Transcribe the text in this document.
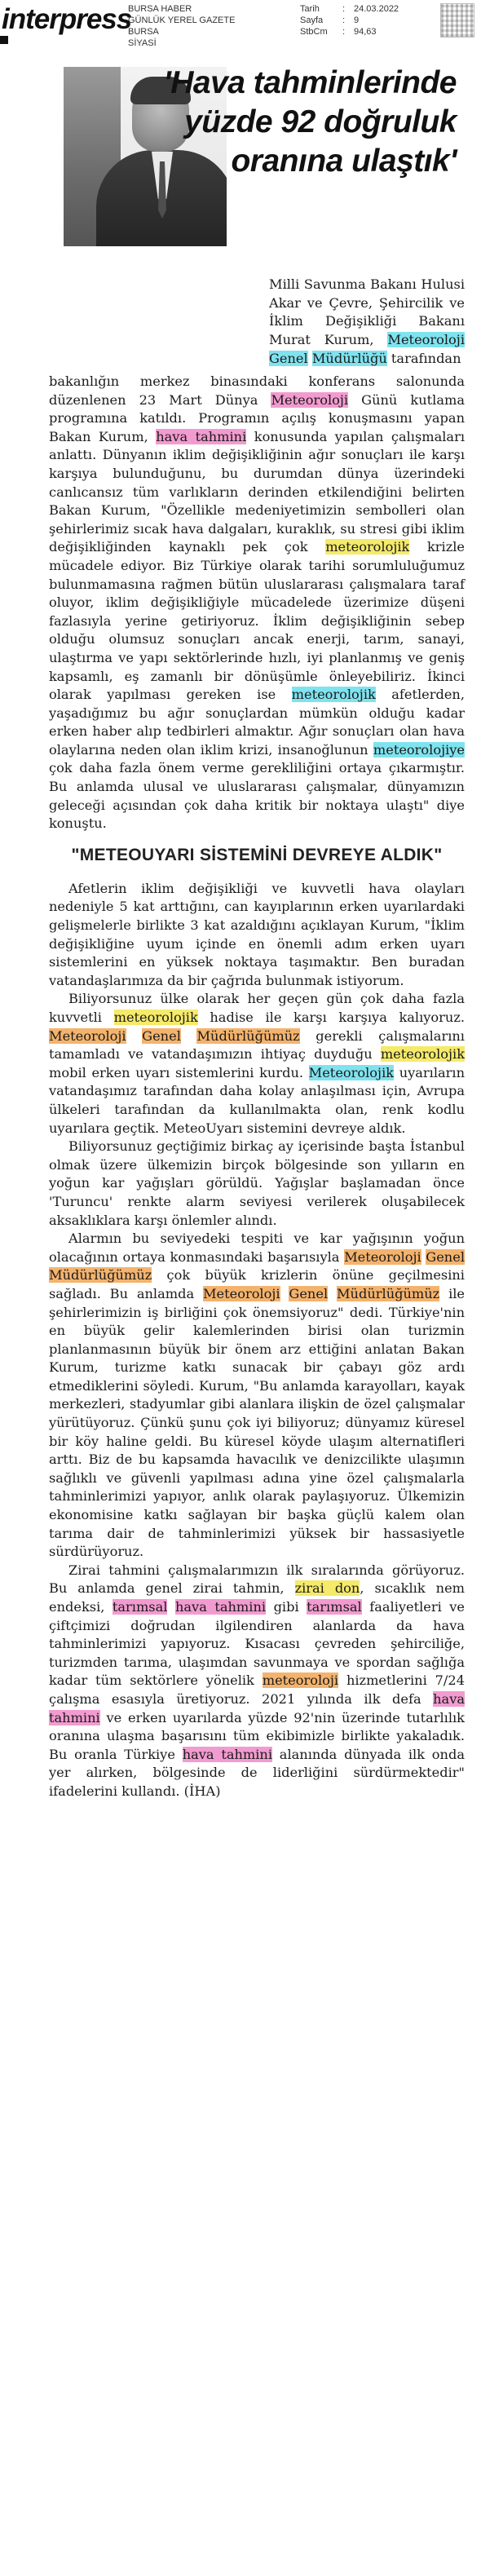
interpress
BURSA HABER
GÜNLÜK YEREL GAZETE
BURSA
SİYASİ
Tarih	: 24.03.2022
Sayfa	: 9
StbCm	: 94,63
'Hava tahminlerinde
yüzde 92 doğruluk
oranına ulaştık'

Milli Savunma Bakanı Hulusi Akar ve Çevre, Şehircilik ve İklim Değişikliği Bakanı Murat Kurum, Meteoroloji Genel Müdürlüğü tarafından

bakanlığın merkez binasındaki konferans salonunda düzenlenen 23 Mart Dünya Meteoroloji Günü kutlama programına katıldı. Programın açılış konuşmasını yapan Bakan Kurum, hava tahmini konusunda yapılan çalışmaları anlattı. Dünyanın iklim değişikliğinin ağır sonuçları ile karşı karşıya bulunduğunu, bu durumdan dünya üzerindeki canlıcansız tüm varlıkların derinden etkilendiğini belirten Bakan Kurum, "Özellikle medeniyetimizin sembolleri olan şehirlerimiz sıcak hava dalgaları, kuraklık, su stresi gibi iklim değişikliğinden kaynaklı pek çok meteorolojik krizle mücadele ediyor. Biz Türkiye olarak tarihi sorumluluğumuz bulunmamasına rağmen bütün uluslararası çalışmalara taraf oluyor, iklim değişikliğiyle mücadelede üzerimize düşeni fazlasıyla yerine getiriyoruz. İklim değişikliğinin sebep olduğu olumsuz sonuçları ancak enerji, tarım, sanayi, ulaştırma ve yapı sektörlerinde hızlı, iyi planlanmış ve geniş kapsamlı, eş zamanlı bir dönüşümle önleyebiliriz. İkinci olarak yapılması gereken ise meteorolojik afetlerden, yaşadığımız bu ağır sonuçlardan mümkün olduğu kadar erken haber alıp tedbirleri almaktır. Ağır sonuçları olan hava olaylarına neden olan iklim krizi, insanoğlunun meteorolojiye çok daha fazla önem verme gerekliliğini ortaya çıkarmıştır. Bu anlamda ulusal ve uluslararası çalışmalar, dünyamızın geleceği açısından çok daha kritik bir noktaya ulaştı" diye konuştu.

"METEOUYARI SİSTEMİNİ DEVREYE ALDIK"

Afetlerin iklim değişikliği ve kuvvetli hava olayları nedeniyle 5 kat arttığını, can kayıplarının erken uyarılardaki gelişmelerle birlikte 3 kat azaldığını açıklayan Kurum, "İklim değişikliğine uyum içinde en önemli adım erken uyarı sistemlerini en yüksek noktaya taşımaktır. Ben buradan vatandaşlarımıza da bir çağrıda bulunmak istiyorum.

Biliyorsunuz ülke olarak her geçen gün çok daha fazla kuvvetli meteorolojik hadise ile karşı karşıya kalıyoruz. Meteoroloji Genel Müdürlüğümüz gerekli çalışmalarını tamamladı ve vatandaşımızın ihtiyaç duyduğu meteorolojik mobil erken uyarı sistemlerini kurdu. Meteorolojik uyarıların vatandaşımız tarafından daha kolay anlaşılması için, Avrupa ülkeleri tarafından da kullanılmakta olan, renk kodlu uyarılara geçtik. MeteoUyarı sistemini devreye aldık.

Biliyorsunuz geçtiğimiz birkaç ay içerisinde başta İstanbul olmak üzere ülkemizin birçok bölgesinde son yılların en yoğun kar yağışları görüldü. Yağışlar başlamadan önce 'Turuncu' renkte alarm seviyesi verilerek oluşabilecek aksaklıklara karşı önlemler alındı.

Alarmın bu seviyedeki tespiti ve kar yağışının yoğun olacağının ortaya konmasındaki başarısıyla Meteoroloji Genel Müdürlüğümüz çok büyük krizlerin önüne geçilmesini sağladı. Bu anlamda Meteoroloji Genel Müdürlüğümüz ile şehirlerimizin iş birliğini çok önemsiyoruz" dedi. Türkiye'nin en büyük gelir kalemlerinden birisi olan turizmin planlanmasının büyük bir önem arz ettiğini anlatan Bakan Kurum, turizme katkı sunacak bir çabayı göz ardı etmediklerini söyledi. Kurum, "Bu anlamda karayolları, kayak merkezleri, stadyumlar gibi alanlara ilişkin de özel çalışmalar yürütüyoruz. Çünkü şunu çok iyi biliyoruz; dünyamız küresel bir köy haline geldi. Bu küresel köyde ulaşım alternatifleri arttı. Biz de bu kapsamda havacılık ve denizcilikte ulaşımın sağlıklı ve güvenli yapılması adına yine özel çalışmalarla tahminlerimizi yapıyor, anlık olarak paylaşıyoruz. Ülkemizin ekonomisine katkı sağlayan bir başka güçlü kalem olan tarıma dair de tahminlerimizi yüksek bir hassasiyetle sürdürüyoruz.

Zirai tahmini çalışmalarımızın ilk sıralarında görüyoruz. Bu anlamda genel zirai tahmin, zirai don, sıcaklık nem endeksi, tarımsal hava tahmini gibi tarımsal faaliyetleri ve çiftçimizi doğrudan ilgilendiren alanlarda da hava tahminlerimizi yapıyoruz. Kısacası çevreden şehirciliğe, turizmden tarıma, ulaşımdan savunmaya ve spordan sağlığa kadar tüm sektörlere yönelik meteoroloji hizmetlerini 7/24 çalışma esasıyla üretiyoruz. 2021 yılında ilk defa hava tahmini ve erken uyarılarda yüzde 92'nin üzerinde tutarlılık oranına ulaşma başarısını tüm ekibimizle birlikte yakaladık. Bu oranla Türkiye hava tahmini alanında dünyada ilk onda yer alırken, bölgesinde de liderliğini sürdürmektedir" ifadelerini kullandı. (İHA)
